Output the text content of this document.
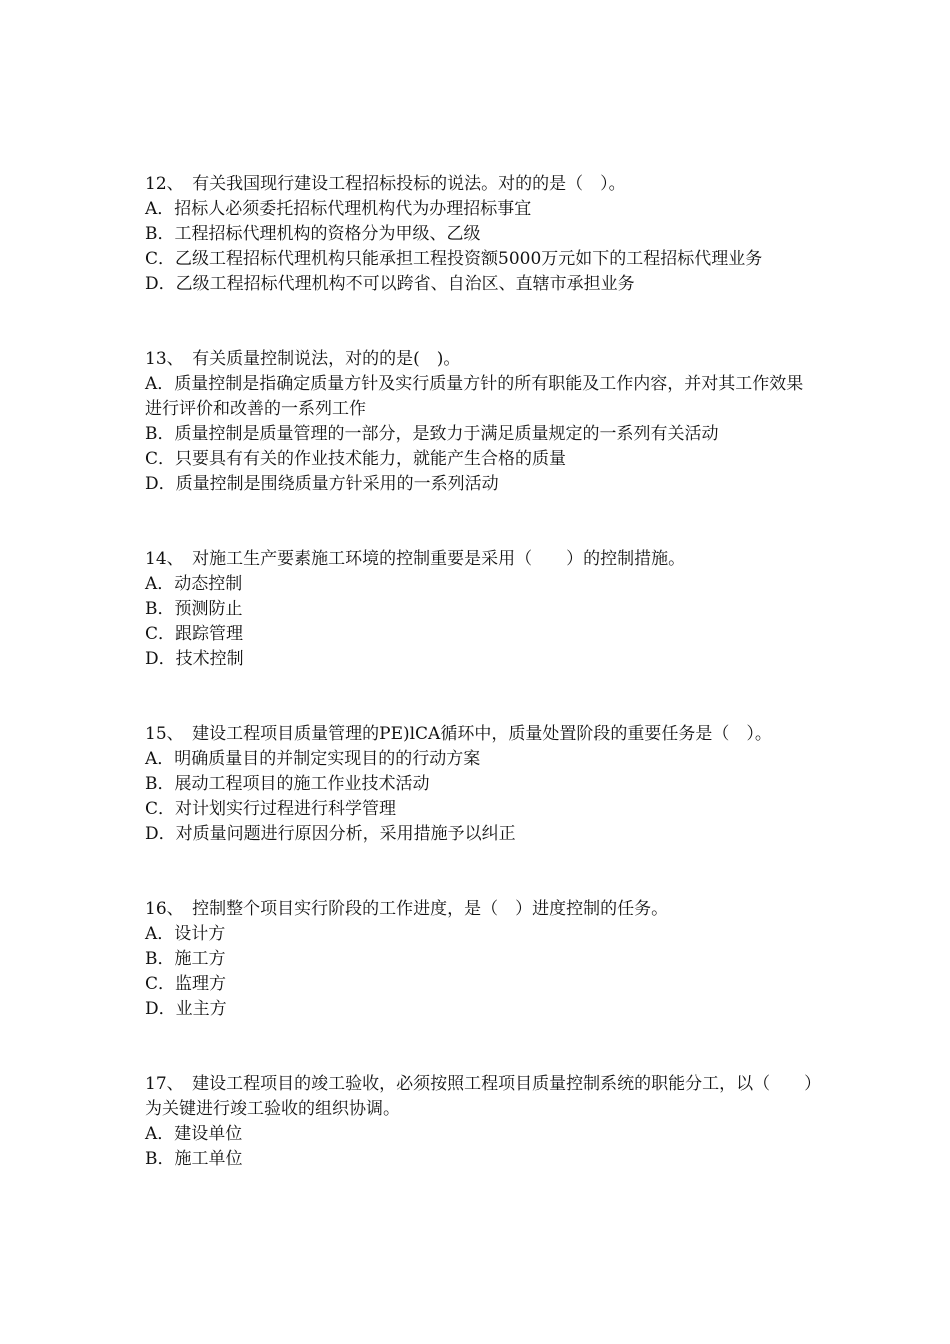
12、　有关我国现行建设工程招标投标的说法。对的的是（　）。
A．招标人必须委托招标代理机构代为办理招标事宜
B．工程招标代理机构的资格分为甲级、乙级
C．乙级工程招标代理机构只能承担工程投资额5000万元如下的工程招标代理业务
D．乙级工程招标代理机构不可以跨省、自治区、直辖市承担业务
13、　有关质量控制说法，对的的是(　)。
A．质量控制是指确定质量方针及实行质量方针的所有职能及工作内容，并对其工作效果进行评价和改善的一系列工作
B．质量控制是质量管理的一部分，是致力于满足质量规定的一系列有关活动
C．只要具有有关的作业技术能力，就能产生合格的质量
D．质量控制是围绕质量方针采用的一系列活动
14、　对施工生产要素施工环境的控制重要是采用（　　）的控制措施。
A．动态控制
B．预测防止
C．跟踪管理
D．技术控制
15、　建设工程项目质量管理的PE)lCA循环中，质量处置阶段的重要任务是（　）。
A．明确质量目的并制定实现目的的行动方案
B．展动工程项目的施工作业技术活动
C．对计划实行过程进行科学管理
D．对质量问题进行原因分析，采用措施予以纠正
16、　控制整个项目实行阶段的工作进度，是（　）进度控制的任务。
A．设计方
B．施工方
C．监理方
D．业主方
17、　建设工程项目的竣工验收，必须按照工程项目质量控制系统的职能分工，以（　　）为关键进行竣工验收的组织协调。
A．建设单位
B．施工单位
